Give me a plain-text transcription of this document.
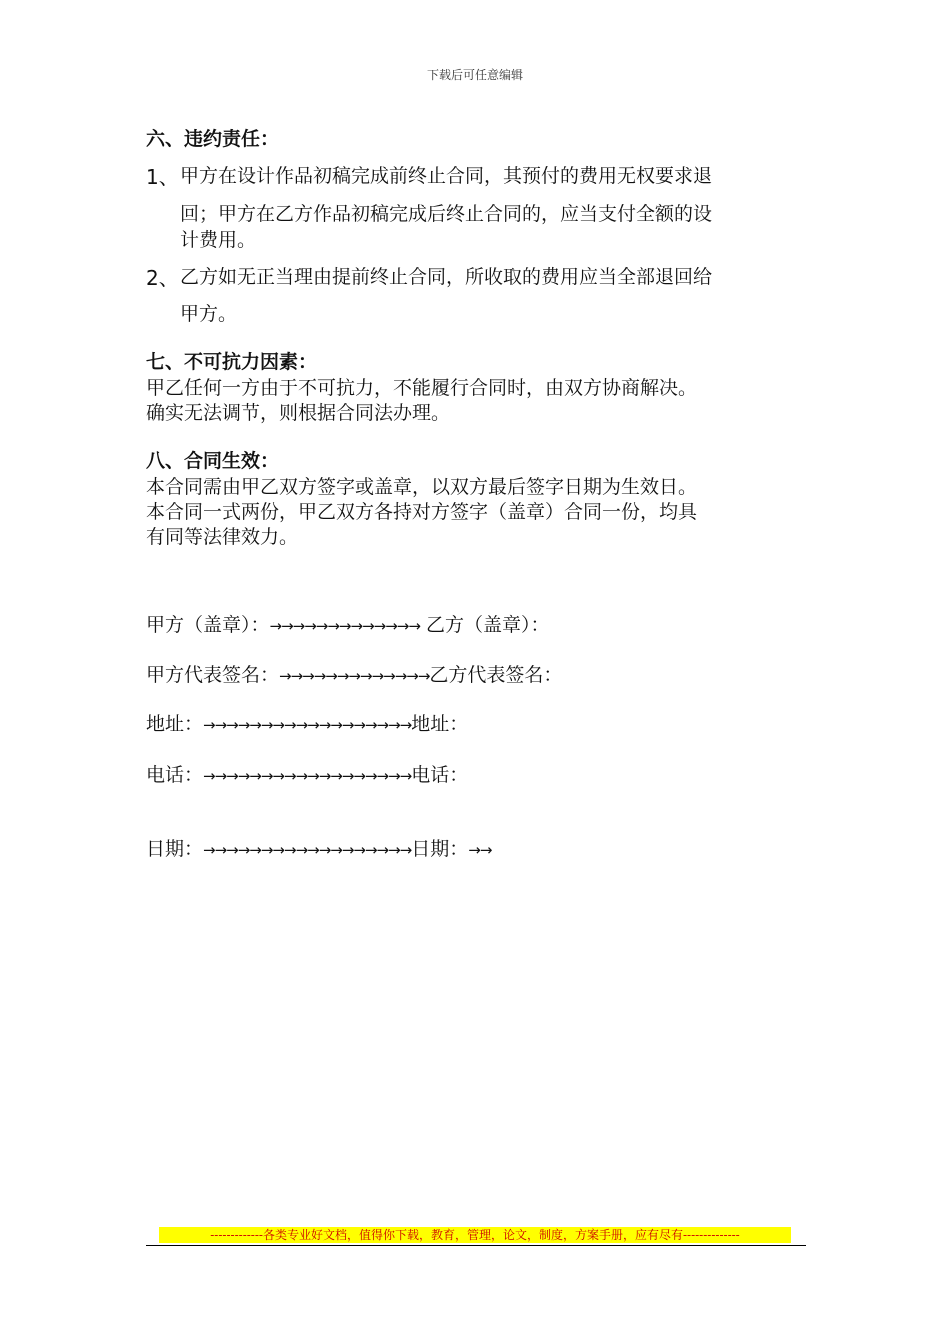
下载后可任意编辑
六、违约责任：
1、 甲方在设计作品初稿完成前终止合同，其预付的费用无权要求退
回；甲方在乙方作品初稿完成后终止合同的，应当支付全额的设
计费用。
2、 乙方如无正当理由提前终止合同，所收取的费用应当全部退回给
甲方。
七、不可抗力因素：
甲乙任何一方由于不可抗力，不能履行合同时，由双方协商解决。
确实无法调节，则根据合同法办理。
八、合同生效：
本合同需由甲乙双方签字或盖章，以双方最后签字日期为生效日。
本合同一式两份，甲乙双方各持对方签字（盖章）合同一份，均具
有同等法律效力。
甲方（盖章）：→→→→→→→→→→→→→ 乙方（盖章）：
甲方代表签名：→→→→→→→→→→→→→乙方代表签名：
地址：→→→→→→→→→→→→→→→→→→地址：
电话：→→→→→→→→→→→→→→→→→→电话：
日期：→→→→→→→→→→→→→→→→→→日期：→→
-------------各类专业好文档，值得你下载，教育，管理，论文，制度，方案手册，应有尽有--------------
